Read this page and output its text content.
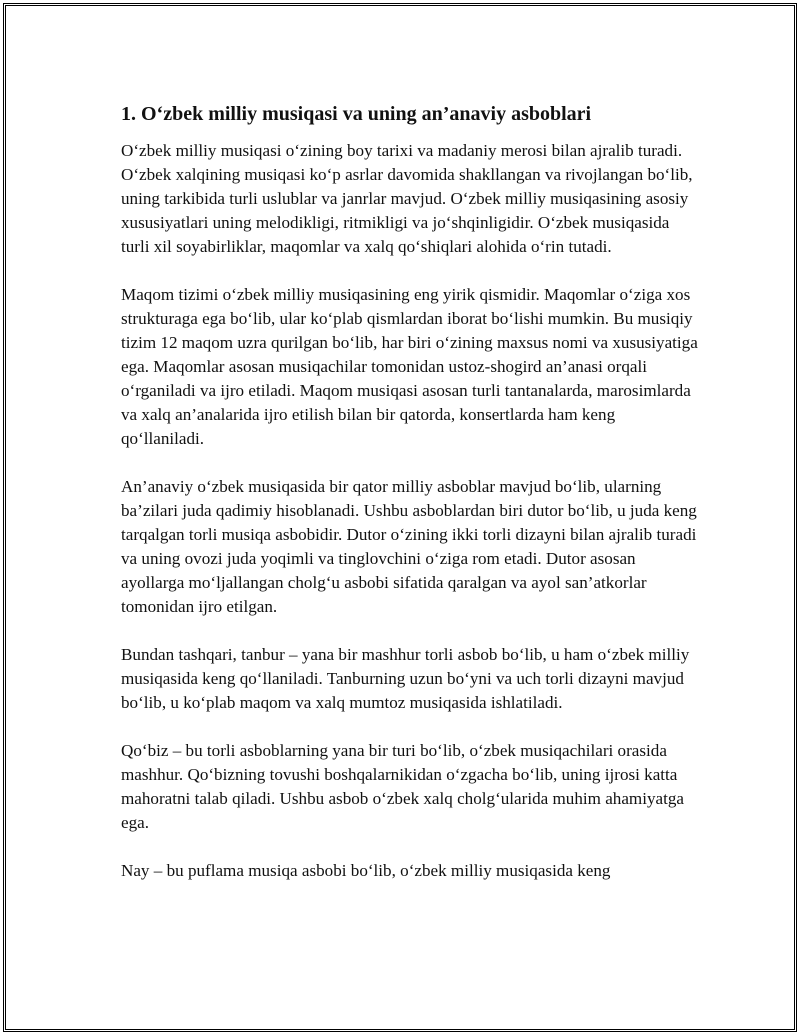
1. O‘zbek milliy musiqasi va uning an’anaviy asboblari

O‘zbek milliy musiqasi o‘zining boy tarixi va madaniy merosi bilan ajralib turadi. O‘zbek xalqining musiqasi ko‘p asrlar davomida shakllangan va rivojlangan bo‘lib, uning tarkibida turli uslublar va janrlar mavjud. O‘zbek milliy musiqasining asosiy xususiyatlari uning melodikligi, ritmikligi va jo‘shqinligidir. O‘zbek musiqasida turli xil soyabirliklar, maqomlar va xalq qo‘shiqlari alohida o‘rin tutadi.

Maqom tizimi o‘zbek milliy musiqasining eng yirik qismidir. Maqomlar o‘ziga xos strukturaga ega bo‘lib, ular ko‘plab qismlardan iborat bo‘lishi mumkin. Bu musiqiy tizim 12 maqom uzra qurilgan bo‘lib, har biri o‘zining maxsus nomi va xususiyatiga ega. Maqomlar asosan musiqachilar tomonidan ustoz-shogird an’anasi orqali o‘rganiladi va ijro etiladi. Maqom musiqasi asosan turli tantanalarda, marosimlarda va xalq an’analarida ijro etilish bilan bir qatorda, konsertlarda ham keng qo‘llaniladi.

An’anaviy o‘zbek musiqasida bir qator milliy asboblar mavjud bo‘lib, ularning ba’zilari juda qadimiy hisoblanadi. Ushbu asboblardan biri dutor bo‘lib, u juda keng tarqalgan torli musiqa asbobidir. Dutor o‘zining ikki torli dizayni bilan ajralib turadi va uning ovozi juda yoqimli va tinglovchini o‘ziga rom etadi. Dutor asosan ayollarga mo‘ljallangan cholg‘u asbobi sifatida qaralgan va ayol san’atkorlar tomonidan ijro etilgan.

Bundan tashqari, tanbur – yana bir mashhur torli asbob bo‘lib, u ham o‘zbek milliy musiqasida keng qo‘llaniladi. Tanburning uzun bo‘yni va uch torli dizayni mavjud bo‘lib, u ko‘plab maqom va xalq mumtoz musiqasida ishlatiladi.

Qo‘biz – bu torli asboblarning yana bir turi bo‘lib, o‘zbek musiqachilari orasida mashhur. Qo‘bizning tovushi boshqalarnikidan o‘zgacha bo‘lib, uning ijrosi katta mahoratni talab qiladi. Ushbu asbob o‘zbek xalq cholg‘ularida muhim ahamiyatga ega.

Nay – bu puflama musiqa asbobi bo‘lib, o‘zbek milliy musiqasida keng
